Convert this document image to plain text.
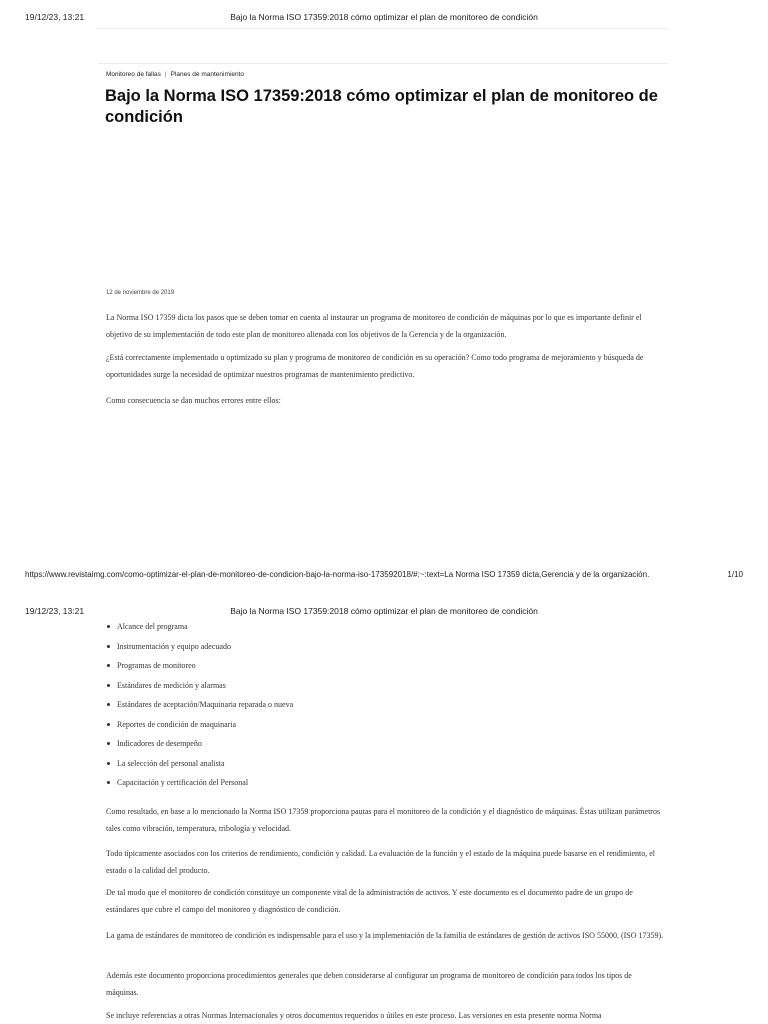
19/12/23, 13:21	Bajo la Norma ISO 17359:2018 cómo optimizar el plan de monitoreo de condición
Monitoreo de fallas | Planes de mantenimiento
Bajo la Norma ISO 17359:2018 cómo optimizar el plan de monitoreo de condición
12 de noviembre de 2019

La Norma ISO 17359 dicta los pasos que se deben tomar en cuenta al instaurar un programa de monitoreo de condición de máquinas por lo que es importante definir el objetivo de su implementación de todo este plan de monitoreo alienada con los objetivos de la Gerencia y de la organización.

¿Está correctamente implementado u optimizado su plan y programa de monitoreo de condición en su operación? Como todo programa de mejoramiento y búsqueda de oportunidades surge la necesidad de optimizar nuestros programas de mantenimiento predictivo.

Como consecuencia se dan muchos errores entre ellos:

https://www.revistaimg.com/como-optimizar-el-plan-de-monitoreo-de-condicion-bajo-la-norma-iso-173592018/#:~:text=La Norma ISO 17359 dicta,Gerencia y de la organización.	1/10
19/12/23, 13:21	Bajo la Norma ISO 17359:2018 cómo optimizar el plan de monitoreo de condición
Alcance del programa
Instrumentación y equipo adecuado
Programas de monitoreo
Estándares de medición y alarmas
Estándares de aceptación/Maquinaria reparada o nueva
Reportes de condición de maquinaria
Indicadores de desempeño
La selección del personal analista
Capacitación y certificación del Personal

Como resultado, en base a lo mencionado la Norma ISO 17359 proporciona pautas para el monitoreo de la condición y el diagnóstico de máquinas. Éstas utilizan parámetros tales como vibración, temperatura, tribología y velocidad.

Todo típicamente asociados con los criterios de rendimiento, condición y calidad. La evaluación de la función y el estado de la máquina puede basarse en el rendimiento, el estado o la calidad del producto.

De tal modo que el monitoreo de condición constituye un componente vital de la administración de activos. Y este documento es el documento padre de un grupo de estándares que cubre el campo del monitoreo y diagnóstico de condición.

La gama de estándares de monitoreo de condición es indispensable para el uso y la implementación de la familia de estándares de gestión de activos ISO 55000. (ISO 17359).

Además este documento proporciona procedimientos generales que deben considerarse al configurar un programa de monitoreo de condición para todos los tipos de máquinas.

Se incluye referencias a otras Normas Internacionales y otros documentos requeridos o útiles en este proceso. Las versiones en esta presente norma Norma
